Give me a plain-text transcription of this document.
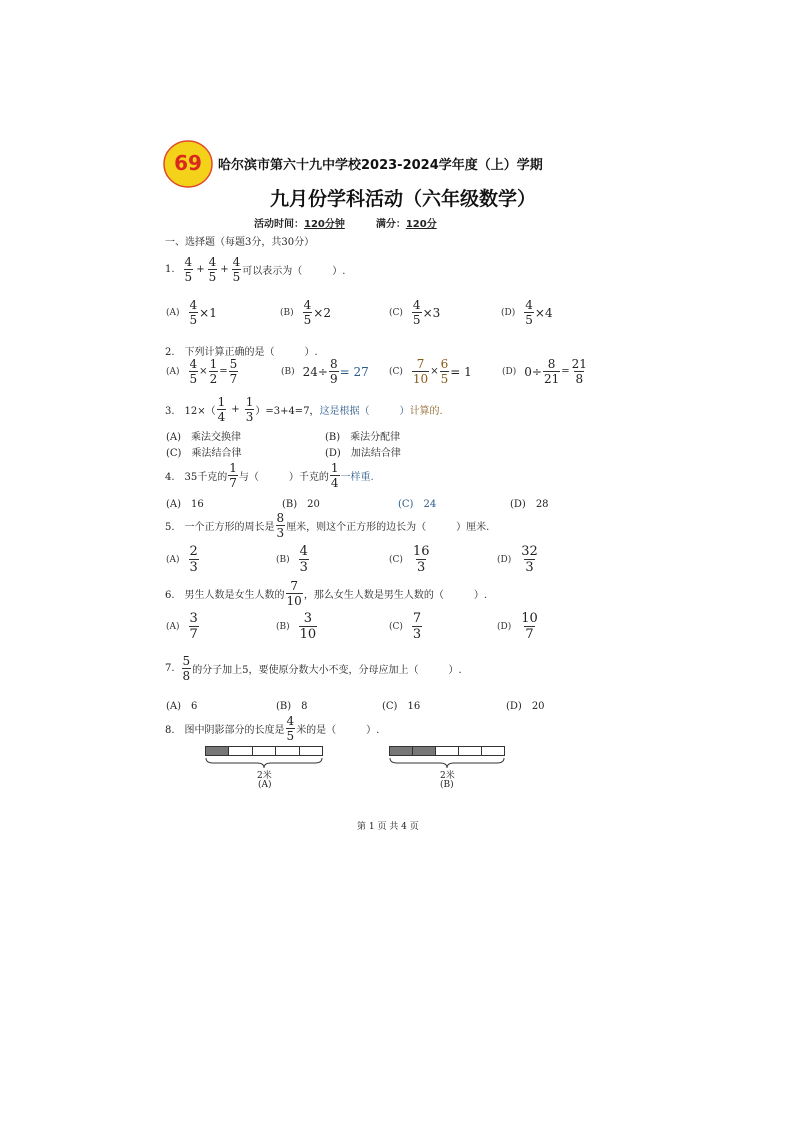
69 哈尔滨市第六十九中学校2023-2024学年度（上）学期
九月份学科活动（六年级数学）
活动时间：120分钟	满分：120分
一、选择题（每题3分，共30分）
1. $\frac{4}{5} + \frac{4}{5} + \frac{4}{5}$ 可以表示为（　　　）.
$(A) \frac{4}{5} \times 1$	$(B) \frac{4}{5} \times 2$	$(C) \frac{4}{5} \times 3$	$(D) \frac{4}{5} \times 4$
2.　下列计算正确的是（　　　）.
$(A) \frac{4}{5} \times \frac{1}{2} = \frac{5}{7}$	(B) $24\div \frac{8}{9} = 27$ $(C) \frac{7}{10} \times \frac{6}{5} = 1$	(D) $0\div \frac{8}{21} = \frac{21}{8}$
3.　$12\times( \frac{1}{4} + \frac{1}{3} )=3+4=7$， 这是根据（　　　） 计算的.
(A)　乘法交换律	(B)　乘法分配律
(C)　乘法结合律	(D)　加法结合律
4.　35千克的 $\frac{1}{7}$ 与（　　　）千克的 $\frac{1}{4}$ 一样重.
(A)　16	(B)　20	(C)　24	(D)　28
5.　一个正方形的周长是 $\frac{8}{3}$ 厘米，则这个正方形的边长为（　　　）厘米.
$(A) \frac{2}{3}$	$(B) \frac{4}{3}$	$(C) \frac{16}{3}$	$(D) \frac{32}{3}$
6.　男生人数是女生人数的 $\frac{7}{10}$ ，那么女生人数是男生人数的（　　　）.
$(A) \frac{3}{7}$	$(B) \frac{3}{10}$	$(C) \frac{7}{3}$	$(D) \frac{10}{7}$
7. $\frac{5}{8}$ 的分子加上5，要使原分数大小不变，分母应加上（　　　）.
(A)　6	(B)　8	(C)　16	(D)　20
8.　图中阴影部分的长度是 $\frac{4}{5}$ 米的是（　　　）.
2米
(A)
2米
(B)
第 1 页 共 4 页
